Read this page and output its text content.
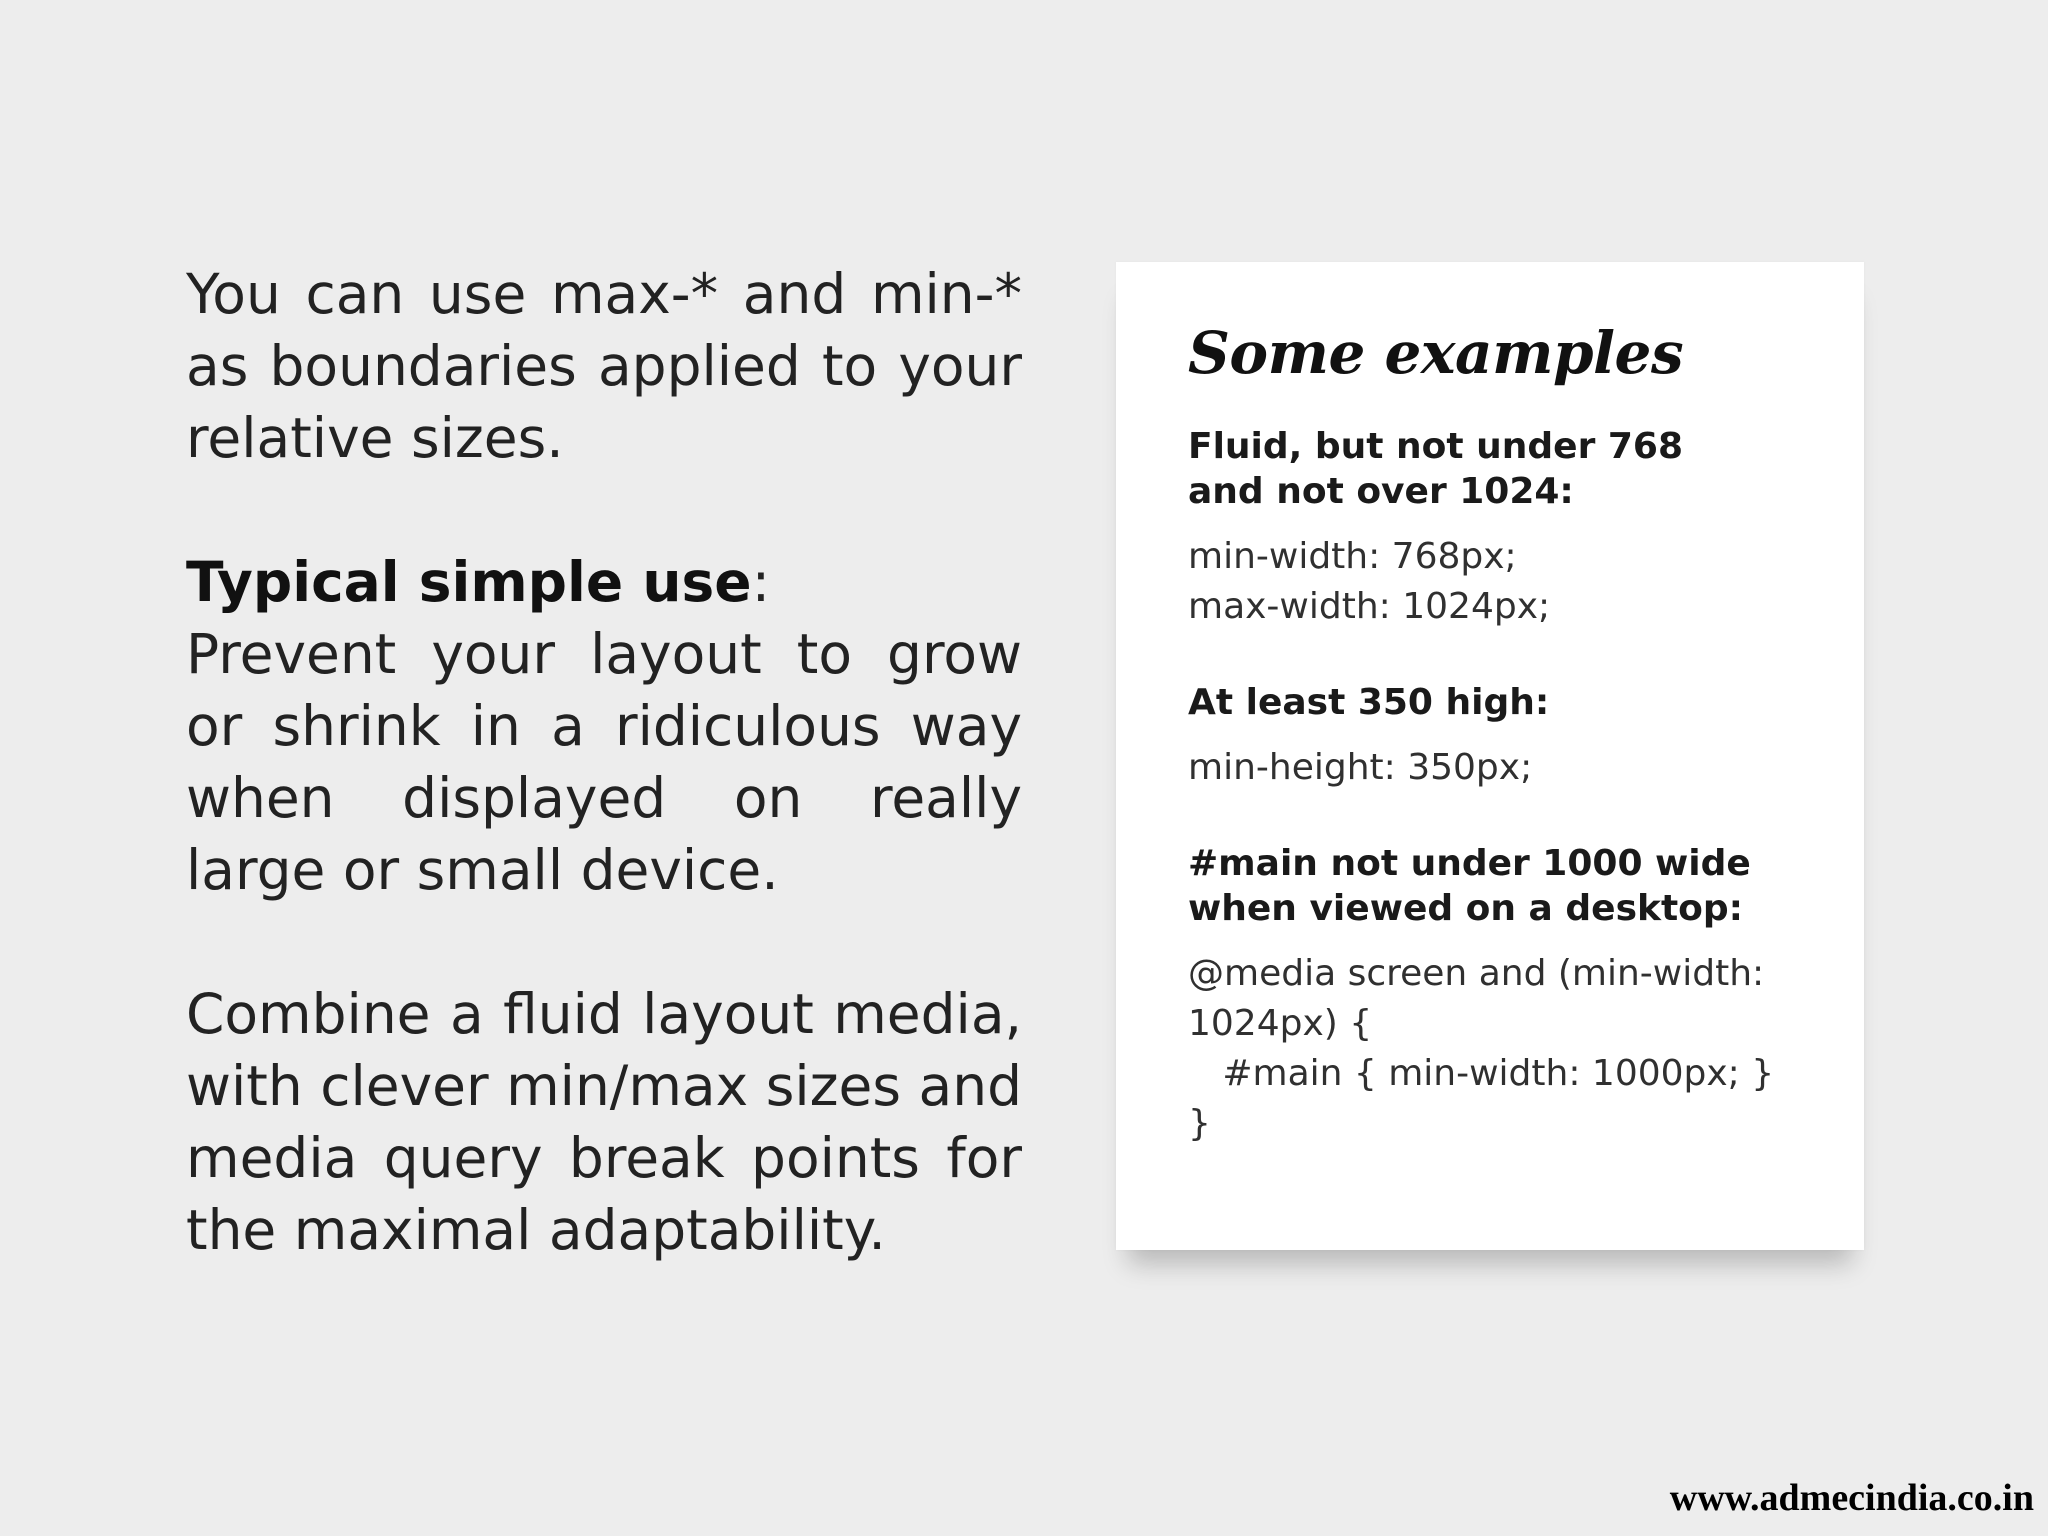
You can use max-* and min-* as boundaries applied to your relative sizes.

Typical simple use:
Prevent your layout to grow or shrink in a ridiculous way when displayed on really large or small device.

Combine a fluid layout media, with clever min/max sizes and media query break points for the maximal adaptability.

Some examples
Fluid, but not under 768
and not over 1024:
min-width: 768px;
max-width: 1024px;
At least 350 high:
min-height: 350px;
#main not under 1000 wide
when viewed on a desktop:
@media screen and (min-width:
1024px) {
#main { min-width: 1000px; }
}
www.admecindia.co.in
